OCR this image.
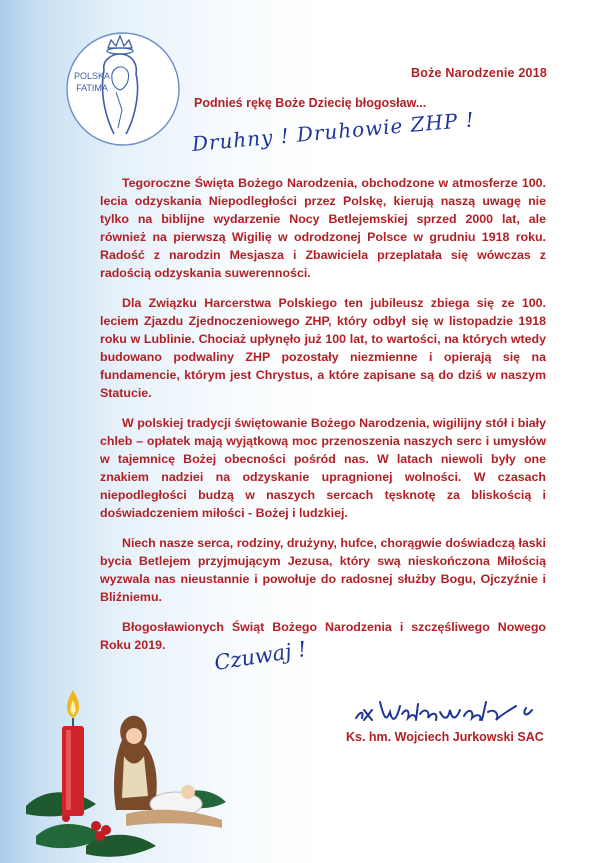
POLSKA
FATIMA
Boże Narodzenie 2018
Podnieś rękę Boże Dziecię błogosław...
Druhny ! Druhowie ZHP !

Tegoroczne Święta Bożego Narodzenia, obchodzone w atmosferze 100. lecia odzyskania Niepodległości przez Polskę, kierują naszą uwagę nie tylko na biblijne wydarzenie Nocy Betlejemskiej sprzed 2000 lat, ale również na pierwszą Wigilię w odrodzonej Polsce w grudniu 1918 roku. Radość z narodzin Mesjasza i Zbawiciela przeplatała się wówczas z radością odzyskania suwerenności.

Dla Związku Harcerstwa Polskiego ten jubileusz zbiega się ze 100. leciem Zjazdu Zjednoczeniowego ZHP, który odbył się w listopadzie 1918 roku w Lublinie. Chociaż upłynęło już 100 lat, to wartości, na których wtedy budowano podwaliny ZHP pozostały niezmienne i opierają się na fundamencie, którym jest Chrystus, a które zapisane są do dziś w naszym Statucie.

W polskiej tradycji świętowanie Bożego Narodzenia, wigilijny stół i biały chleb – opłatek mają wyjątkową moc przenoszenia naszych serc i umysłów w tajemnicę Bożej obecności pośród nas. W latach niewoli były one znakiem nadziei na odzyskanie upragnionej wolności. W czasach niepodległości budzą w naszych sercach tęsknotę za bliskością i doświadczeniem miłości - Bożej i ludzkiej.

Niech nasze serca, rodziny, drużyny, hufce, chorągwie doświadczą łaski bycia Betlejem przyjmującym Jezusa, który swą nieskończona Miłością wyzwala nas nieustannie i powołuje do radosnej służby Bogu, Ojczyźnie i Bliźniemu.

Błogosławionych Świąt Bożego Narodzenia i szczęśliwego Nowego Roku 2019.	Czuwaj !
Ks. hm. Wojciech Jurkowski SAC
